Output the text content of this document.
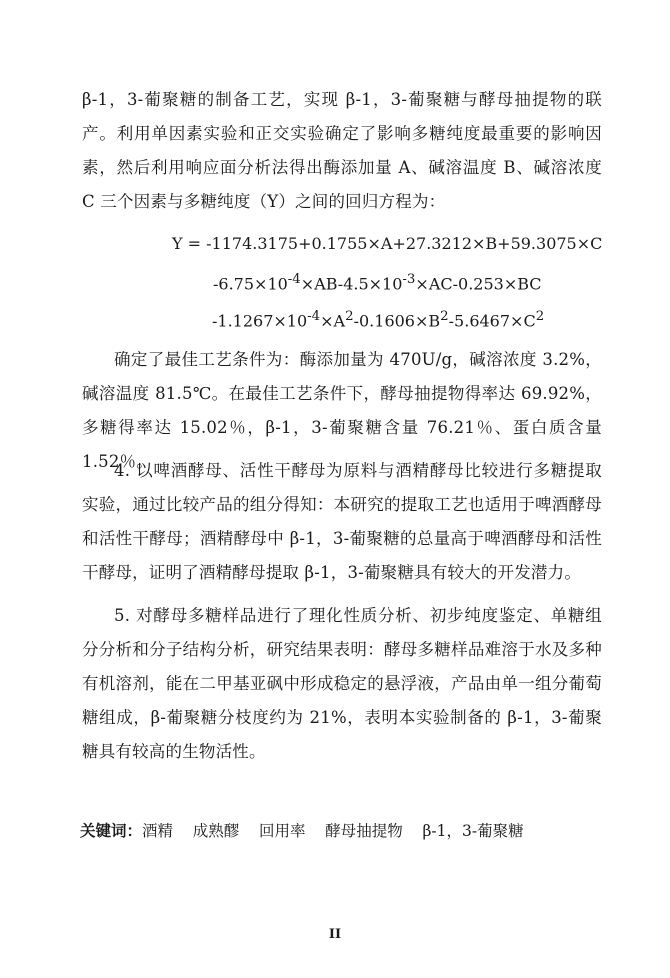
β-1，3-葡聚糖的制备工艺，实现 β-1，3-葡聚糖与酵母抽提物的联产。利用单因素实验和正交实验确定了影响多糖纯度最重要的影响因素，然后利用响应面分析法得出酶添加量 A、碱溶温度 B、碱溶浓度 C 三个因素与多糖纯度（Y）之间的回归方程为：

Y = -1174.3175+0.1755×A+27.3212×B+59.3075×C

$-6.75\times 10^{-4}\times AB-4.5\times 10^{-3}\times AC-0.253\times BC$

$-1.1267\times 10^{-4}\times A^2-0.1606\times B^2-5.6467\times C^2$

确定了最佳工艺条件为：酶添加量为 470U/g，碱溶浓度 3.2%，碱溶温度 81.5℃。在最佳工艺条件下，酵母抽提物得率达 69.92%，多糖得率达 15.02％，β-1，3-葡聚糖含量 76.21％、蛋白质含量 1.52％。

4. 以啤酒酵母、活性干酵母为原料与酒精酵母比较进行多糖提取实验，通过比较产品的组分得知：本研究的提取工艺也适用于啤酒酵母和活性干酵母；酒精酵母中 β-1，3-葡聚糖的总量高于啤酒酵母和活性干酵母，证明了酒精酵母提取 β-1，3-葡聚糖具有较大的开发潜力。

5. 对酵母多糖样品进行了理化性质分析、初步纯度鉴定、单糖组分分析和分子结构分析，研究结果表明：酵母多糖样品难溶于水及多种有机溶剂，能在二甲基亚砜中形成稳定的悬浮液，产品由单一组分葡萄糖组成，β-葡聚糖分枝度约为 21%，表明本实验制备的 β-1，3-葡聚糖具有较高的生物活性。

关键词：酒精 成熟醪 回用率 酵母抽提物 β-1，3-葡聚糖

II
